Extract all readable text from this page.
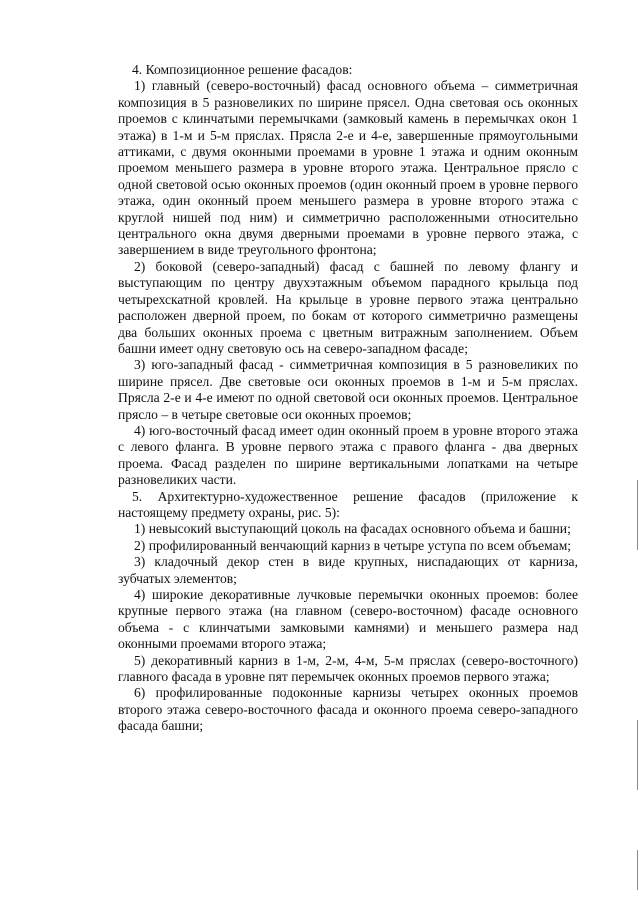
4. Композиционное решение фасадов:

1) главный (северо-восточный) фасад основного объема – симметричная композиция в 5 разновеликих по ширине прясел. Одна световая ось оконных проемов с клинчатыми перемычками (замковый камень в перемычках окон 1 этажа) в 1-м и 5-м пряслах. Прясла 2-е и 4-е, завершенные прямоугольными аттиками, с двумя оконными проемами в уровне 1 этажа и одним оконным проемом меньшего размера в уровне второго этажа. Центральное прясло с одной световой осью оконных проемов (один оконный проем в уровне первого этажа, один оконный проем меньшего размера в уровне второго этажа с круглой нишей под ним) и симметрично расположенными относительно центрального окна двумя дверными проемами в уровне первого этажа, с завершением в виде треугольного фронтона;

2) боковой (северо-западный) фасад с башней по левому флангу и выступающим по центру двухэтажным объемом парадного крыльца под четырехскатной кровлей. На крыльце в уровне первого этажа центрально расположен дверной проем, по бокам от которого симметрично размещены два больших оконных проема с цветным витражным заполнением. Объем башни имеет одну световую ось на северо-западном фасаде;

3) юго-западный фасад - симметричная композиция в 5 разновеликих по ширине прясел. Две световые оси оконных проемов в 1-м и 5-м пряслах. Прясла 2-е и 4-е имеют по одной световой оси оконных проемов. Центральное прясло – в четыре световые оси оконных проемов;

4) юго-восточный фасад имеет один оконный проем в уровне второго этажа с левого фланга. В уровне первого этажа с правого фланга - два дверных проема. Фасад разделен по ширине вертикальными лопатками на четыре разновеликих части.

5. Архитектурно-художественное решение фасадов (приложение к настоящему предмету охраны, рис. 5):

1) невысокий выступающий цоколь на фасадах основного объема и башни;

2) профилированный венчающий карниз в четыре уступа по всем объемам;

3) кладочный декор стен в виде крупных, ниспадающих от карниза, зубчатых элементов;

4) широкие декоративные лучковые перемычки оконных проемов: более крупные первого этажа (на главном (северо-восточном) фасаде основного объема - с клинчатыми замковыми камнями) и меньшего размера над оконными проемами второго этажа;

5) декоративный карниз в 1-м, 2-м, 4-м, 5-м пряслах (северо-восточного) главного фасада в уровне пят перемычек оконных проемов первого этажа;

6) профилированные подоконные карнизы четырех оконных проемов второго этажа северо-восточного фасада и оконного проема северо-западного фасада башни;
